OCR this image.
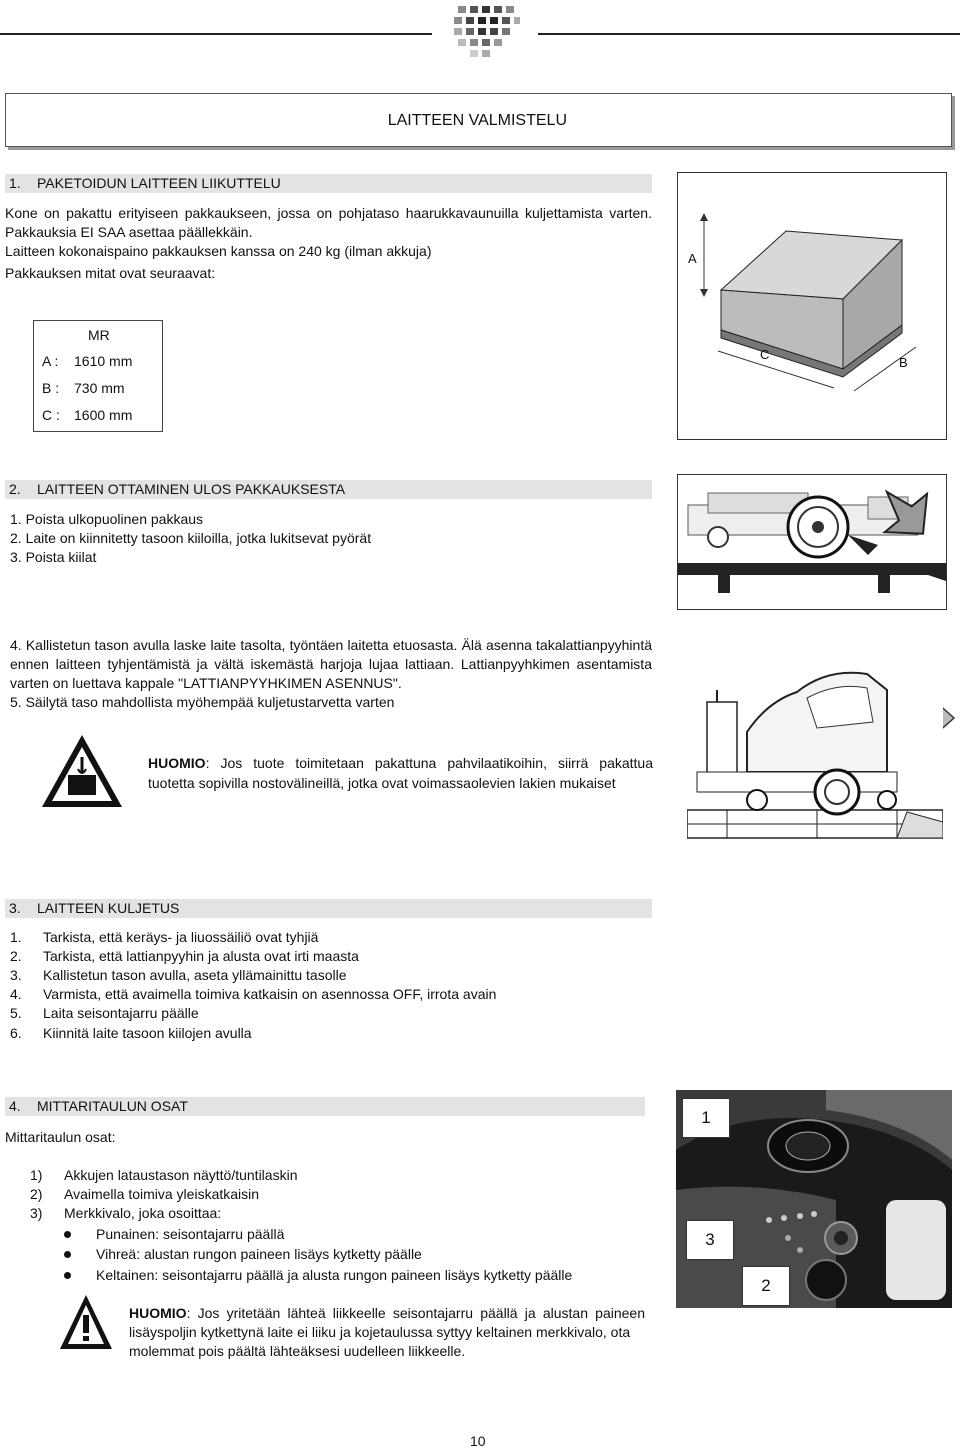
LAITTEEN VALMISTELU
1. PAKETOIDUN LAITTEEN LIIKUTTELU
Kone on pakattu erityiseen pakkaukseen, jossa on pohjataso haarukkavaunuilla kuljettamista varten.
Pakkauksia EI SAA asettaa päällekkäin.
Laitteen kokonaispaino pakkauksen kanssa on 240 kg (ilman akkuja)
Pakkauksen mitat ovat seuraavat:
MR
A : 1610 mm
B : 730 mm
C : 1600 mm
A
C
B
2. LAITTEEN OTTAMINEN ULOS PAKKAUKSESTA
1. Poista ulkopuolinen pakkaus
2. Laite on kiinnitetty tasoon kiiloilla, jotka lukitsevat pyörät
3. Poista kiilat
4. Kallistetun tason avulla laske laite tasolta, työntäen laitetta etuosasta. Älä asenna takalattianpyyhintä
ennen laitteen tyhjentämistä ja vältä iskemästä harjoja lujaa lattiaan. Lattianpyyhkimen asentamista
varten on luettava kappale "LATTIANPYYHKIMEN ASENNUS".
5. Säilytä taso mahdollista myöhempää kuljetustarvetta varten
HUOMIO: Jos tuote toimitetaan pakattuna pahvilaatikoihin, siirrä pakattua
tuotetta sopivilla nostovälineillä, jotka ovat voimassaolevien lakien mukaiset
3. LAITTEEN KULJETUS
1. Tarkista, että keräys- ja liuossäiliö ovat tyhjiä
2. Tarkista, että lattianpyyhin ja alusta ovat irti maasta
3. Kallistetun tason avulla, aseta yllämainittu tasolle
4. Varmista, että avaimella toimiva katkaisin on asennossa OFF, irrota avain
5. Laita seisontajarru päälle
6. Kiinnitä laite tasoon kiilojen avulla
4. MITTARITAULUN OSAT
Mittaritaulun osat:
1) Akkujen lataustason näyttö/tuntilaskin
2) Avaimella toimiva yleiskatkaisin
3) Merkkivalo, joka osoittaa:
Punainen: seisontajarru päällä
Vihreä: alustan rungon paineen lisäys kytketty päälle
Keltainen: seisontajarru päällä ja alusta rungon paineen lisäys kytketty päälle
HUOMIO: Jos yritetään lähteä liikkeelle seisontajarru päällä ja alustan paineen
lisäyspoljin kytkettynä laite ei liiku ja kojetaulussa syttyy keltainen merkkivalo, ota
molemmat pois päältä lähteäksesi uudelleen liikkeelle.
1
3
2
10
